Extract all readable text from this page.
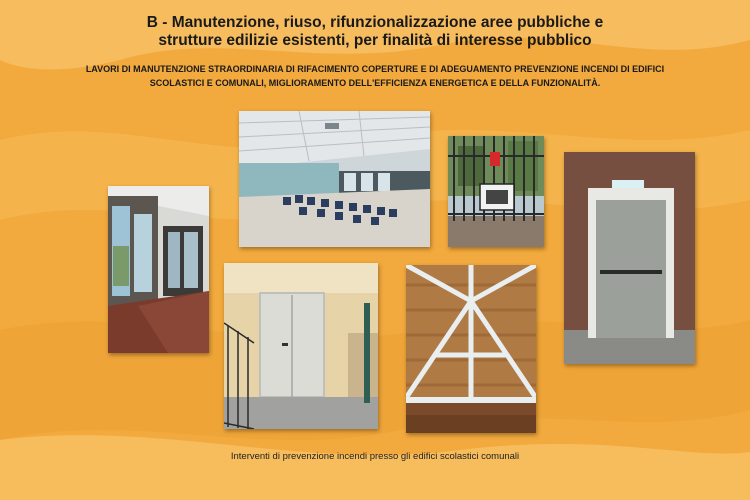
B - Manutenzione, riuso, rifunzionalizzazione aree pubbliche e
strutture edilizie esistenti, per finalità di interesse pubblico
LAVORI DI MANUTENZIONE STRAORDINARIA DI RIFACIMENTO COPERTURE E DI ADEGUAMENTO PREVENZIONE INCENDI DI EDIFICI
SCOLASTICI E COMUNALI, MIGLIORAMENTO DELL'EFFICIENZA ENERGETICA E DELLA FUNZIONALITÀ.
Interventi di prevenzione incendi presso gli edifici scolastici comunali
